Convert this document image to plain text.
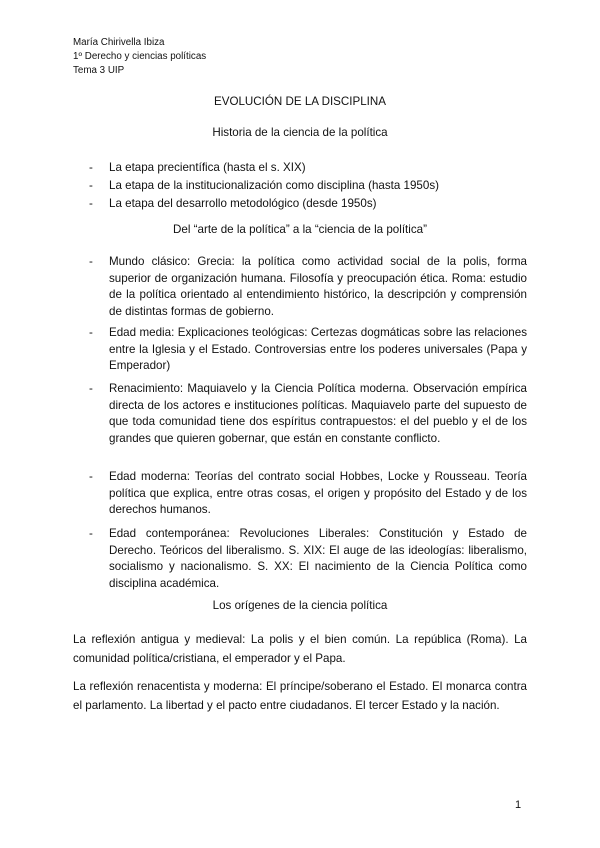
María Chirivella Ibiza
1º Derecho y ciencias políticas
Tema 3 UIP
EVOLUCIÓN DE LA DISCIPLINA
Historia de la ciencia de la política
- La etapa precientífica (hasta el s. XIX)
- La etapa de la institucionalización como disciplina (hasta 1950s)
- La etapa del desarrollo metodológico (desde 1950s)
Del “arte de la política” a la “ciencia de la política”
- Mundo clásico: Grecia: la política como actividad social de la polis, forma superior de organización humana. Filosofía y preocupación ética. Roma: estudio de la política orientado al entendimiento histórico, la descripción y comprensión de distintas formas de gobierno.
- Edad media: Explicaciones teológicas: Certezas dogmáticas sobre las relaciones entre la Iglesia y el Estado. Controversias entre los poderes universales (Papa y Emperador)
- Renacimiento: Maquiavelo y la Ciencia Política moderna. Observación empírica directa de los actores e instituciones políticas. Maquiavelo parte del supuesto de que toda comunidad tiene dos espíritus contrapuestos: el del pueblo y el de los grandes que quieren gobernar, que están en constante conflicto.
- Edad moderna: Teorías del contrato social Hobbes, Locke y Rousseau. Teoría política que explica, entre otras cosas, el origen y propósito del Estado y de los derechos humanos.
- Edad contemporánea: Revoluciones Liberales: Constitución y Estado de Derecho. Teóricos del liberalismo. S. XIX: El auge de las ideologías: liberalismo, socialismo y nacionalismo. S. XX: El nacimiento de la Ciencia Política como disciplina académica.
Los orígenes de la ciencia política

La reflexión antigua y medieval: La polis y el bien común. La república (Roma). La comunidad política/cristiana, el emperador y el Papa.

La reflexión renacentista y moderna: El príncipe/soberano el Estado. El monarca contra el parlamento. La libertad y el pacto entre ciudadanos. El tercer Estado y la nación.

1
